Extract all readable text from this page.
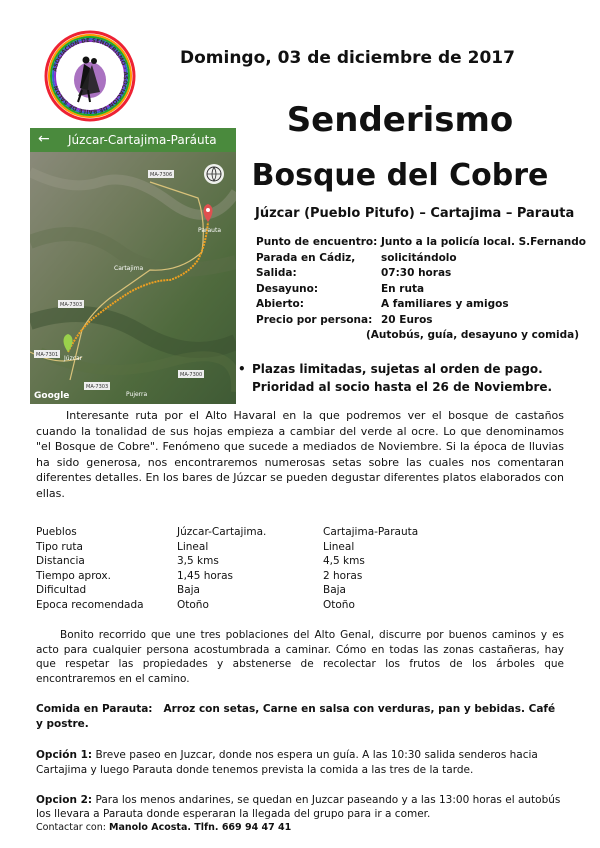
ASOCIACIÓN DE SENDERISMO · ASOCIACIÓN DE BAILE DE SALÓN
Domingo, 03 de diciembre de 2017
Senderismo
Bosque del Cobre
Júzcar (Pueblo Pitufo) – Cartajima – Parauta
← Júzcar-Cartajima-Paráuta
Parauta
Cartajima
Júzcar
Pujerra
MA-7306
MA-7303
MA-7301
MA-7300
MA-7303
Google
Punto de encuentro: Junto a la policía local. S.Fernando
Parada en Cádiz,	solicitándolo
Salida:	07:30 horas
Desayuno:	En ruta
Abierto:	A familiares y amigos
Precio por persona: 20 Euros
(Autobús, guía, desayuno y comida)
• Plazas limitadas, sujetas al orden de pago.
Prioridad al socio hasta el 26 de Noviembre.

Interesante ruta por el Alto Havaral en la que podremos ver el bosque de castaños cuando la tonalidad de sus hojas empieza a cambiar del verde al ocre. Lo que denominamos "el Bosque de Cobre". Fenómeno que sucede a mediados de Noviembre. Si la época de lluvias ha sido generosa, nos encontraremos numerosas setas sobre las cuales nos comentaran diferentes detalles. En los bares de Júzcar se pueden degustar diferentes platos elaborados con ellas.

Pueblos	Júzcar-Cartajima.	Cartajima-Parauta
Tipo ruta	Lineal	Lineal
Distancia	3,5 kms	4,5 kms
Tiempo aprox.	1,45 horas	2 horas
Dificultad	Baja	Baja
Epoca recomendada	Otoño	Otoño

Bonito recorrido que une tres poblaciones del Alto Genal, discurre por buenos caminos y es acto para cualquier persona acostumbrada a caminar. Cómo en todas las zonas castañeras, hay que respetar las propiedades y abstenerse de recolectar los frutos de los árboles que encontraremos en el camino.

Comida en Parauta: Arroz con setas, Carne en salsa con verduras, pan y bebidas. Café y postre.
Opción 1: Breve paseo en Juzcar, donde nos espera un guía. A las 10:30 salida senderos hacia Cartajima y luego Parauta donde tenemos prevista la comida a las tres de la tarde.
Opcion 2: Para los menos andarines, se quedan en Juzcar paseando y a las 13:00 horas el autobús los llevara a Parauta donde esperaran la llegada del grupo para ir a comer.
Contactar con: Manolo Acosta. Tlfn. 669 94 47 41
